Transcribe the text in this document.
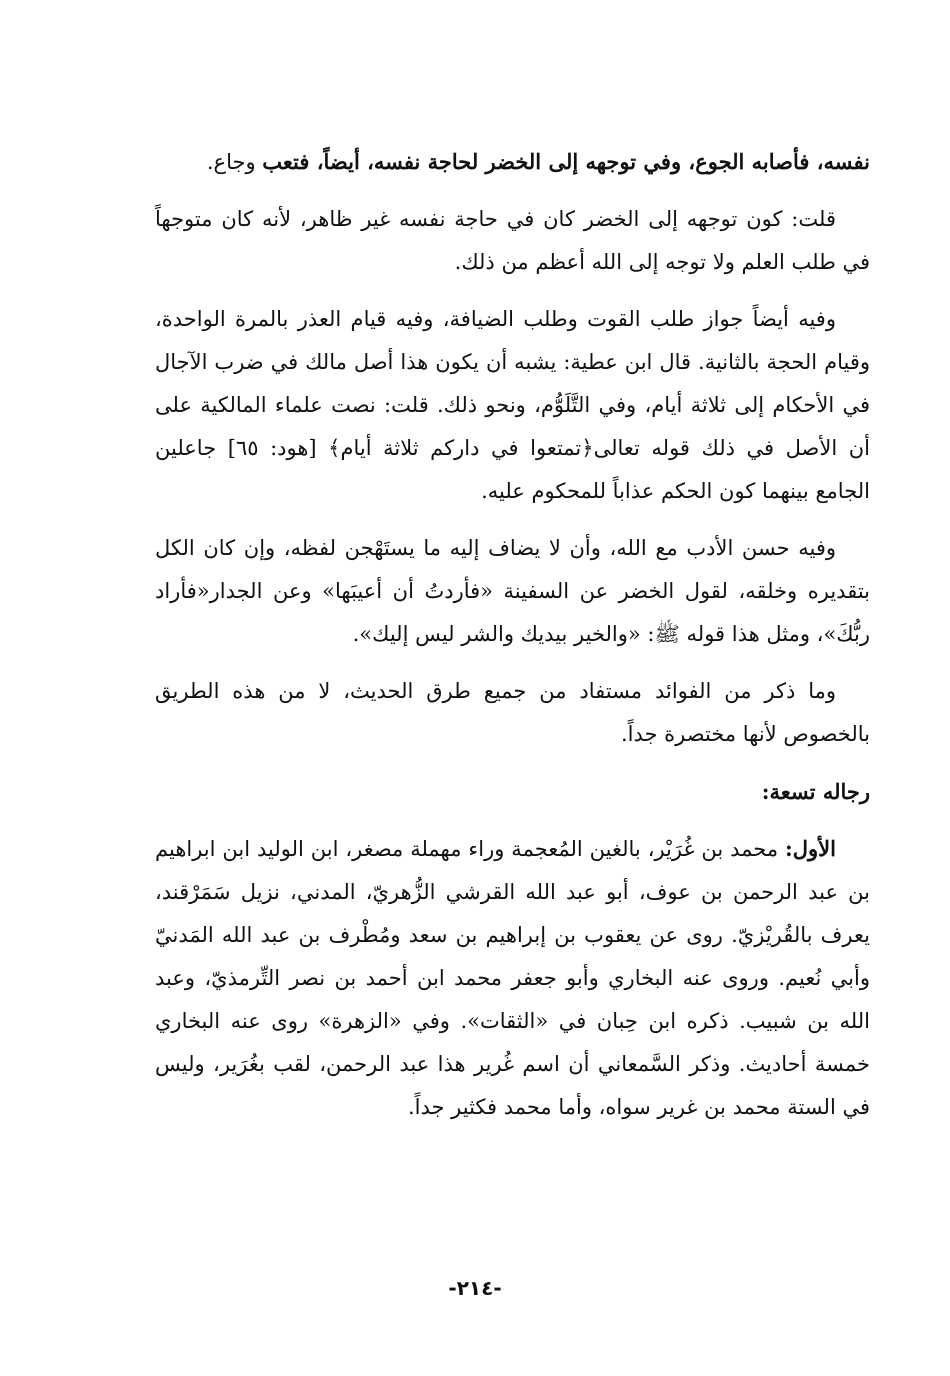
نفسه، فأصابه الجوع، وفي توجهه إلى الخضر لحاجة نفسه، أيضاً، فتعب وجاع.

قلت: كون توجهه إلى الخضر كان في حاجة نفسه غير ظاهر، لأنه كان متوجهاً في طلب العلم ولا توجه إلى الله أعظم من ذلك.

وفيه أيضاً جواز طلب القوت وطلب الضيافة، وفيه قيام العذر بالمرة الواحدة، وقيام الحجة بالثانية. قال ابن عطية: يشبه أن يكون هذا أصل مالك في ضرب الآجال في الأحكام إلى ثلاثة أيام، وفي التَّلَوُّم، ونحو ذلك. قلت: نصت علماء المالكية على أن الأصل في ذلك قوله تعالى﴿تمتعوا في داركم ثلاثة أيام﴾ [هود: ٦٥] جاعلين الجامع بينهما كون الحكم عذاباً للمحكوم عليه.

وفيه حسن الأدب مع الله، وأن لا يضاف إليه ما يستَهْجن لفظه، وإن كان الكل بتقديره وخلقه، لقول الخضر عن السفينة «فأردتُ أن أعيبَها» وعن الجدار«فأراد ربُّكَ»، ومثل هذا قوله ﷺ: «والخير بيديك والشر ليس إليك».

وما ذكر من الفوائد مستفاد من جميع طرق الحديث، لا من هذه الطريق بالخصوص لأنها مختصرة جداً.

رجاله تسعة:

الأول: محمد بن غُرَيْر، بالغين المُعجمة وراء مهملة مصغر، ابن الوليد ابن ابراهيم بن عبد الرحمن بن عوف، أبو عبد الله القرشي الزُّهريّ، المدني، نزيل سَمَرْقند، يعرف بالقُريْزيّ. روى عن يعقوب بن إبراهيم بن سعد ومُطْرف بن عبد الله المَدنيّ وأبي نُعيم. وروى عنه البخاري وأبو جعفر محمد ابن أحمد بن نصر التِّرمذيّ، وعبد الله بن شبيب. ذكره ابن حِبان في «الثقات». وفي «الزهرة» روى عنه البخاري خمسة أحاديث. وذكر السَّمعاني أن اسم غُرير هذا عبد الرحمن، لقب بغُرَير، وليس في الستة محمد بن غرير سواه، وأما محمد فكثير جداً.

-٢١٤-
